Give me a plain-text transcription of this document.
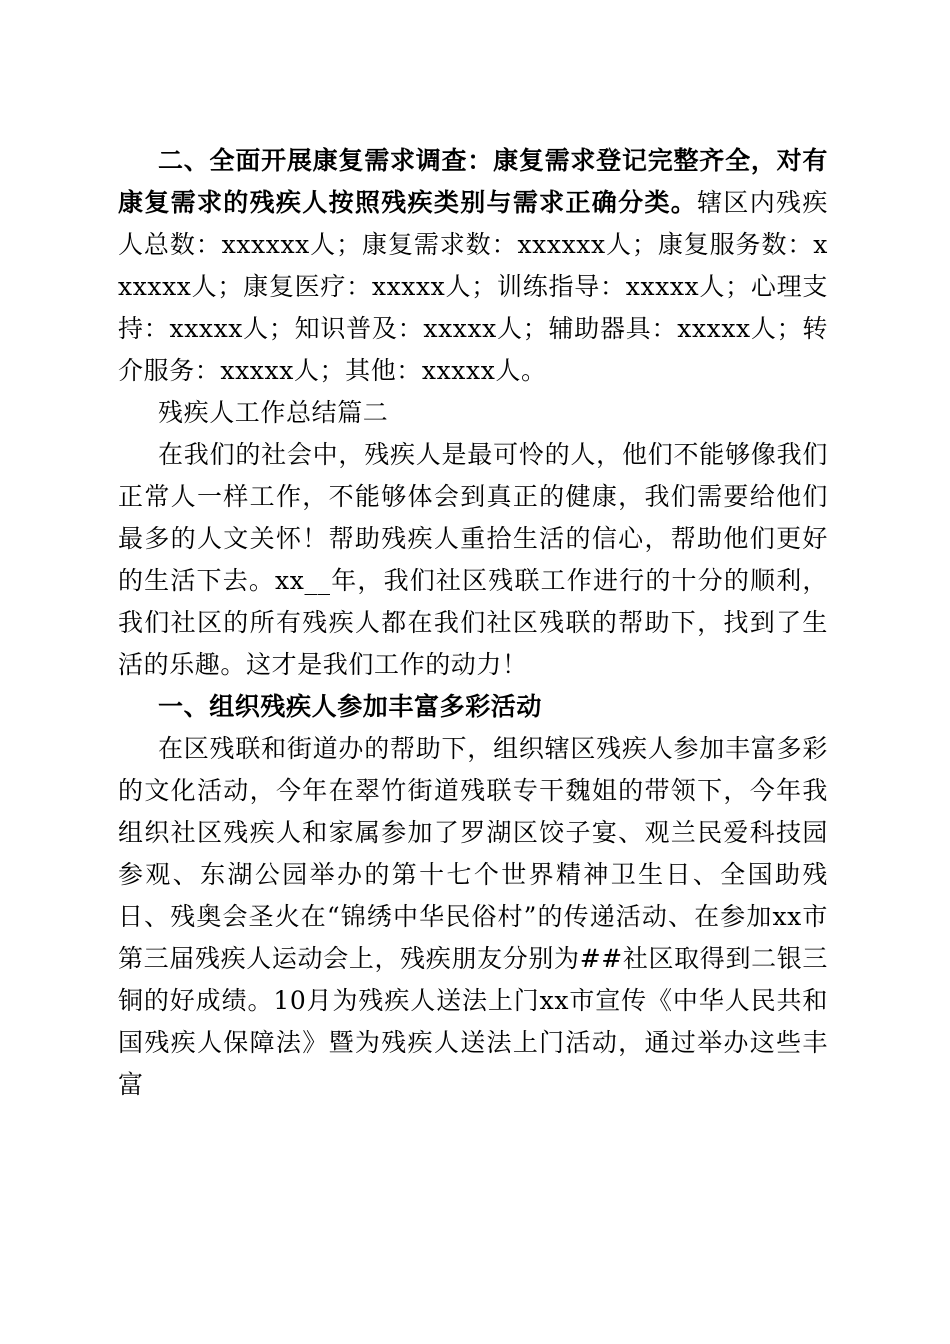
二、全面开展康复需求调查：康复需求登记完整齐全，对有康复需求的残疾人按照残疾类别与需求正确分类。辖区内残疾人总数：xxxxxx人；康复需求数：xxxxxx人；康复服务数：xxxxxx人；康复医疗：xxxxx人；训练指导：xxxxx人；心理支持：xxxxx人；知识普及：xxxxx人；辅助器具：xxxxx人；转介服务：xxxxx人；其他：xxxxx人。

残疾人工作总结篇二

在我们的社会中，残疾人是最可怜的人，他们不能够像我们正常人一样工作，不能够体会到真正的健康，我们需要给他们最多的人文关怀！帮助残疾人重拾生活的信心，帮助他们更好的生活下去。xx__年，我们社区残联工作进行的十分的顺利，我们社区的所有残疾人都在我们社区残联的帮助下，找到了生活的乐趣。这才是我们工作的动力！

一、组织残疾人参加丰富多彩活动

在区残联和街道办的帮助下，组织辖区残疾人参加丰富多彩的文化活动，今年在翠竹街道残联专干魏姐的带领下，今年我组织社区残疾人和家属参加了罗湖区饺子宴、观兰民爱科技园参观、东湖公园举办的第十七个世界精神卫生日、全国助残日、残奥会圣火在“锦绣中华民俗村”的传递活动、在参加xx市第三届残疾人运动会上，残疾朋友分别为##社区取得到二银三铜的好成绩。10月为残疾人送法上门xx市宣传《中华人民共和国残疾人保障法》暨为残疾人送法上门活动，通过举办这些丰富
